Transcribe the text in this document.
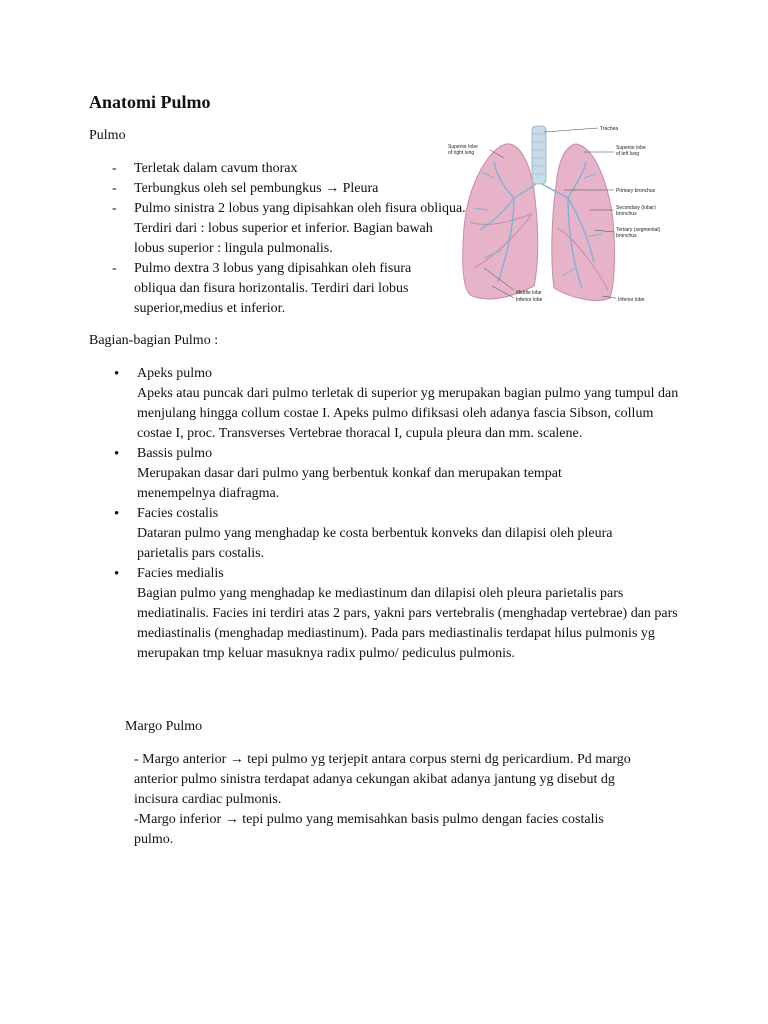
Anatomi Pulmo

Pulmo

- Terletak dalam cavum thorax
- Terbungkus oleh sel pembungkus → Pleura
- Pulmo sinistra 2 lobus yang dipisahkan oleh fisura obliqua. Terdiri dari : lobus superior et inferior. Bagian bawah lobus superior : lingula pulmonalis.
- Pulmo dextra 3 lobus yang dipisahkan oleh fisura obliqua dan fisura horizontalis. Terdiri dari lobus superior,medius et inferior.
Trachea
Superior lobe
of right lung
Superior lobe
of left lung
Primary bronchus
Secondary (lobar)
bronchus
Tertiary (segmental)
bronchus
Middle lobe
Inferior lobe	Inferior lobe

Bagian-bagian Pulmo :

• Apeks pulmo
Apeks atau puncak dari pulmo terletak di superior yg merupakan bagian pulmo yang tumpul dan menjulang hingga collum costae I. Apeks pulmo difiksasi oleh adanya fascia Sibson, collum costae I, proc. Transverses Vertebrae thoracal I, cupula pleura dan mm. scalene.
• Bassis pulmo
Merupakan dasar dari pulmo yang berbentuk konkaf dan merupakan tempat menempelnya diafragma.
• Facies costalis
Dataran pulmo yang menghadap ke costa berbentuk konveks dan dilapisi oleh pleura parietalis pars costalis.
• Facies medialis
Bagian pulmo yang menghadap ke mediastinum dan dilapisi oleh pleura parietalis pars mediatinalis. Facies ini terdiri atas 2 pars, yakni pars vertebralis (menghadap vertebrae) dan pars mediastinalis (menghadap mediastinum). Pada pars mediastinalis terdapat hilus pulmonis yg merupakan tmp keluar masuknya radix pulmo/ pediculus pulmonis.

Margo Pulmo

- Margo anterior → tepi pulmo yg terjepit antara corpus sterni dg pericardium. Pd margo anterior pulmo sinistra terdapat adanya cekungan akibat adanya jantung yg disebut dg incisura cardiac pulmonis.

-Margo inferior → tepi pulmo yang memisahkan basis pulmo dengan facies costalis pulmo.
